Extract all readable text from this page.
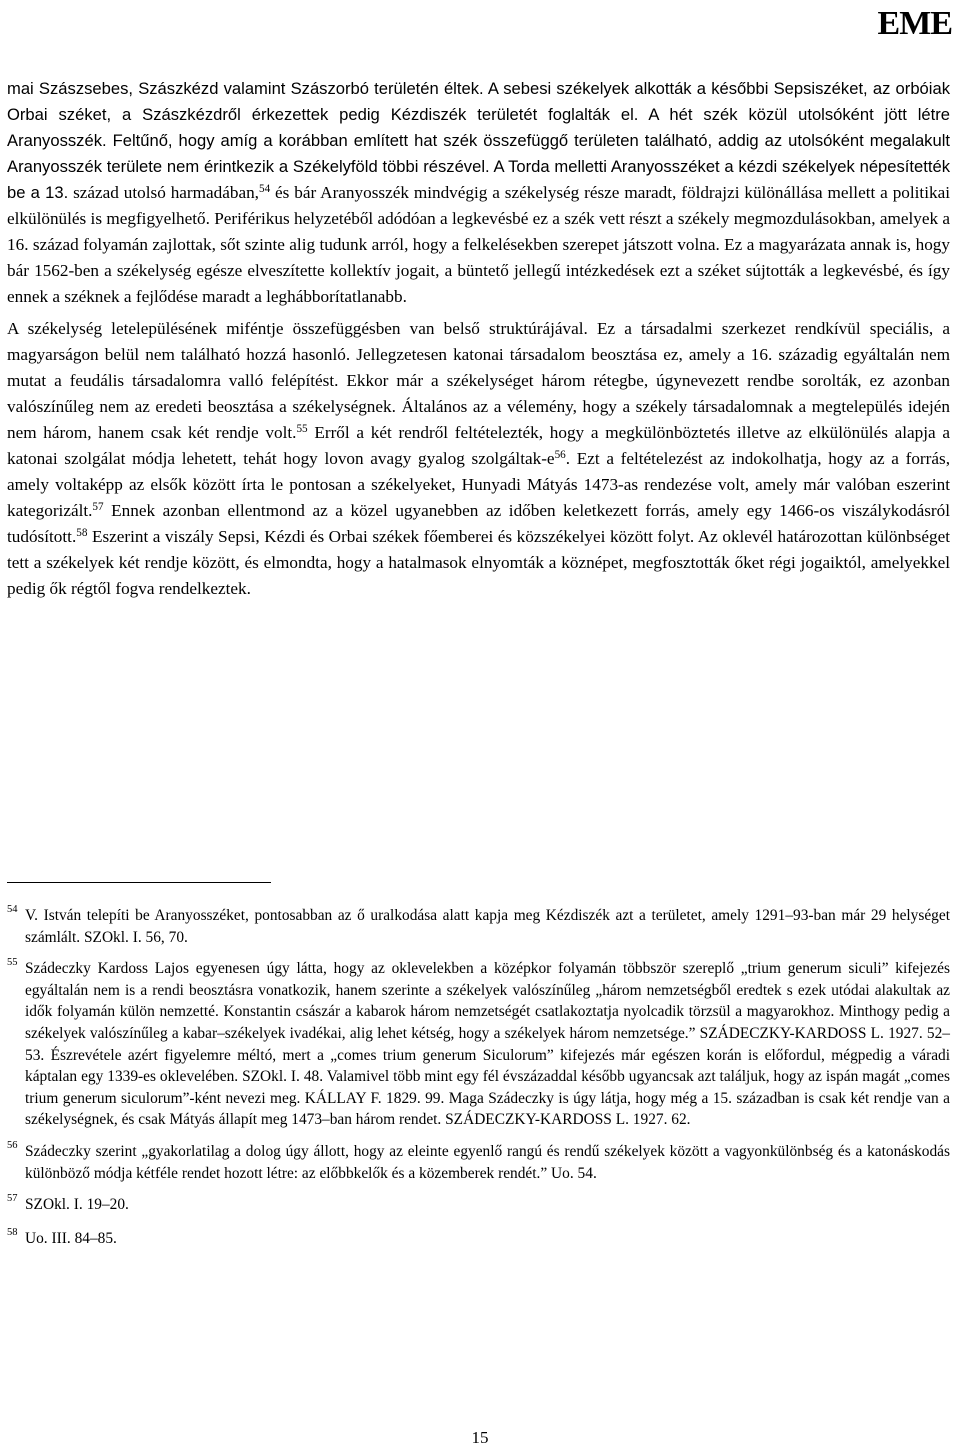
EME

mai Szászsebes, Szászkézd valamint Szászorbó területén éltek. A sebesi székelyek alkották a későbbi Sepsiszéket, az orbóiak Orbai széket, a Szászkézdről érkezettek pedig Kézdiszék területét foglalták el. A hét szék közül utolsóként jött létre Aranyosszék. Feltűnő, hogy amíg a korábban említett hat szék összefüggő területen található, addig az utolsóként megalakult Aranyosszék területe nem érintkezik a Székelyföld többi részével. A Torda melletti Aranyosszéket a kézdi székelyek népesítették be a 13. század utolsó harmadában,$^{54}$ és bár Aranyosszék mindvégig a székelység része maradt, földrajzi különállása mellett a politikai elkülönülés is megfigyelhető. Periférikus helyzetéből adódóan a legkevésbé ez a szék vett részt a székely megmozdulásokban, amelyek a 16. század folyamán zajlottak, sőt szinte alig tudunk arról, hogy a felkelésekben szerepet játszott volna. Ez a magyarázata annak is, hogy bár 1562-ben a székelység egésze elveszítette kollektív jogait, a büntető jellegű intézkedések ezt a széket sújtották a legkevésbé, és így ennek a széknek a fejlődése maradt a leghábborítatlanabb.

A székelység letelepülésének miféntje összefüggésben van belső struktúrájával. Ez a társadalmi szerkezet rendkívül speciális, a magyarságon belül nem található hozzá hasonló. Jellegzetesen katonai társadalom beosztása ez, amely a 16. századig egyáltalán nem mutat a feudális társadalomra valló felépítést. Ekkor már a székelységet három rétegbe, úgynevezett rendbe sorolták, ez azonban valószínűleg nem az eredeti beosztása a székelységnek. Általános az a vélemény, hogy a székely társadalomnak a megtelepülés idején nem három, hanem csak két rendje volt.$^{55}$ Erről a két rendről feltételezték, hogy a megkülönböztetés illetve az elkülönülés alapja a katonai szolgálat módja lehetett, tehát hogy lovon avagy gyalog szolgáltak-$e^{56}$. Ezt a feltételezést az indokolhatja, hogy az a forrás, amely voltaképp az elsők között írta le pontosan a székelyeket, Hunyadi Mátyás 1473-as rendezése volt, amely már valóban eszerint kategorizált.$^{57}$ Ennek azonban ellentmond az a közel ugyanebben az időben keletkezett forrás, amely egy 1466-os viszálykodásról tudósított.$^{58}$ Eszerint a viszály Sepsi, Kézdi és Orbai székek főemberei és közszékelyei között folyt. Az oklevél határozottan különbséget tett a székelyek két rendje között, és elmondta, hogy a hatalmasok elnyomták a köznépet, megfosztották őket régi jogaiktól, amelyekkel pedig ők régtől fogva rendelkeztek.

54 V. István telepíti be Aranyosszéket, pontosabban az ő uralkodása alatt kapja meg Kézdiszék azt a területet, amely 1291–93-ban már 29 helységet számlált. SZOkl. I. 56, 70.
55 Szádeczky Kardoss Lajos egyenesen úgy látta, hogy az oklevelekben a középkor folyamán többször szereplő „trium generum siculi” kifejezés egyáltalán nem is a rendi beosztásra vonatkozik, hanem szerinte a székelyek valószínűleg „három nemzetségből eredtek s ezek utódai alakultak az idők folyamán külön nemzetté. Konstantin császár a kabarok három nemzetségét csatlakoztatja nyolcadik törzsül a magyarokhoz. Minthogy pedig a székelyek valószínűleg a kabar–székelyek ivadékai, alig lehet kétség, hogy a székelyek három nemzetsége.” SZÁDECZKY-KARDOSS L. 1927. 52–53. Észrevétele azért figyelemre méltó, mert a „comes trium generum Siculorum” kifejezés már egészen korán is előfordul, mégpedig a váradi káptalan egy 1339-es oklevelében. SZOkl. I. 48. Valamivel több mint egy fél évszázaddal később ugyancsak azt találjuk, hogy az ispán magát „comes trium generum siculorum”-ként nevezi meg. KÁLLAY F. 1829. 99. Maga Szádeczky is úgy látja, hogy még a 15. században is csak két rendje van a székelységnek, és csak Mátyás állapít meg 1473–ban három rendet. SZÁDECZKY-KARDOSS L. 1927. 62.
56 Szádeczky szerint „gyakorlatilag a dolog úgy állott, hogy az eleinte egyenlő rangú és rendű székelyek között a vagyonkülönbség és a katonáskodás különböző módja kétféle rendet hozott létre: az előbbkelők és a közemberek rendét.” Uo. 54.
57 SZOkl. I. 19–20.
58 Uo. III. 84–85.
15
